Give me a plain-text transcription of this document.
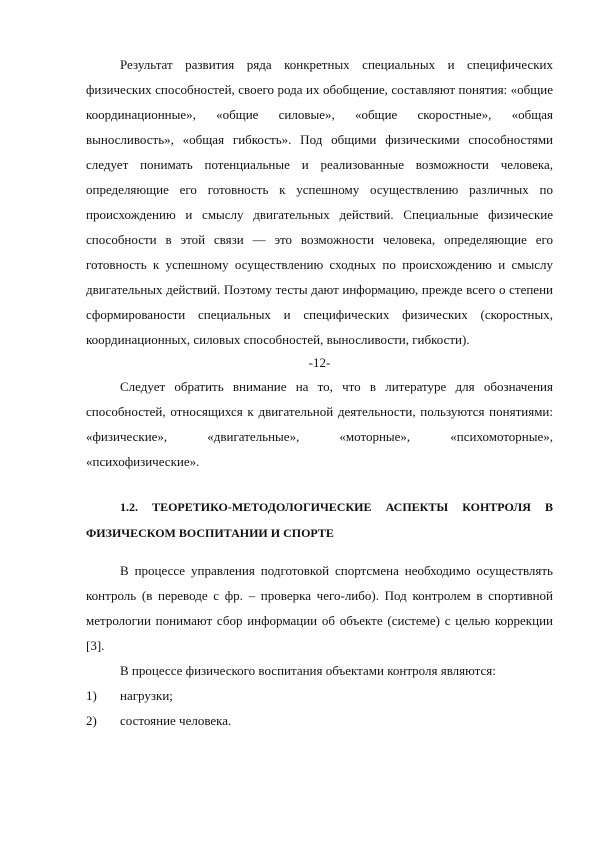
Результат развития ряда конкретных специальных и специфических физических способностей, своего рода их обобщение, составляют понятия: «общие координационные», «общие силовые», «общие скоростные», «общая выносливость», «общая гибкость». Под общими физическими способностями следует понимать потенциальные и реализованные возможности человека, определяющие его готовность к успешному осуществлению различных по происхождению и смыслу двигательных действий. Специальные физические способности в этой связи — это возможности человека, определяющие его готовность к успешному осуществлению сходных по происхождению и смыслу двигательных действий. Поэтому тесты дают информацию, прежде всего о степени сформированости специальных и специфических физических (скоростных, координационных, силовых способностей, выносливости, гибкости).

-12-

Следует обратить внимание на то, что в литературе для обозначения способностей, относящихся к двигательной деятельности, пользуются понятиями: «физические», «двигательные», «моторные», «психомоторные», «психофизические».

1.2. ТЕОРЕТИКО-МЕТОДОЛОГИЧЕСКИЕ АСПЕКТЫ КОНТРОЛЯ В
ФИЗИЧЕСКОМ ВОСПИТАНИИ И СПОРТЕ

В процессе управления подготовкой спортсмена необходимо осуществлять контроль (в переводе с фр. – проверка чего-либо). Под контролем в спортивной метрологии понимают сбор информации об объекте (системе) с целью коррекции [3].

В процессе физического воспитания объектами контроля являются:

1)	нагрузки;
2)	состояние человека.
